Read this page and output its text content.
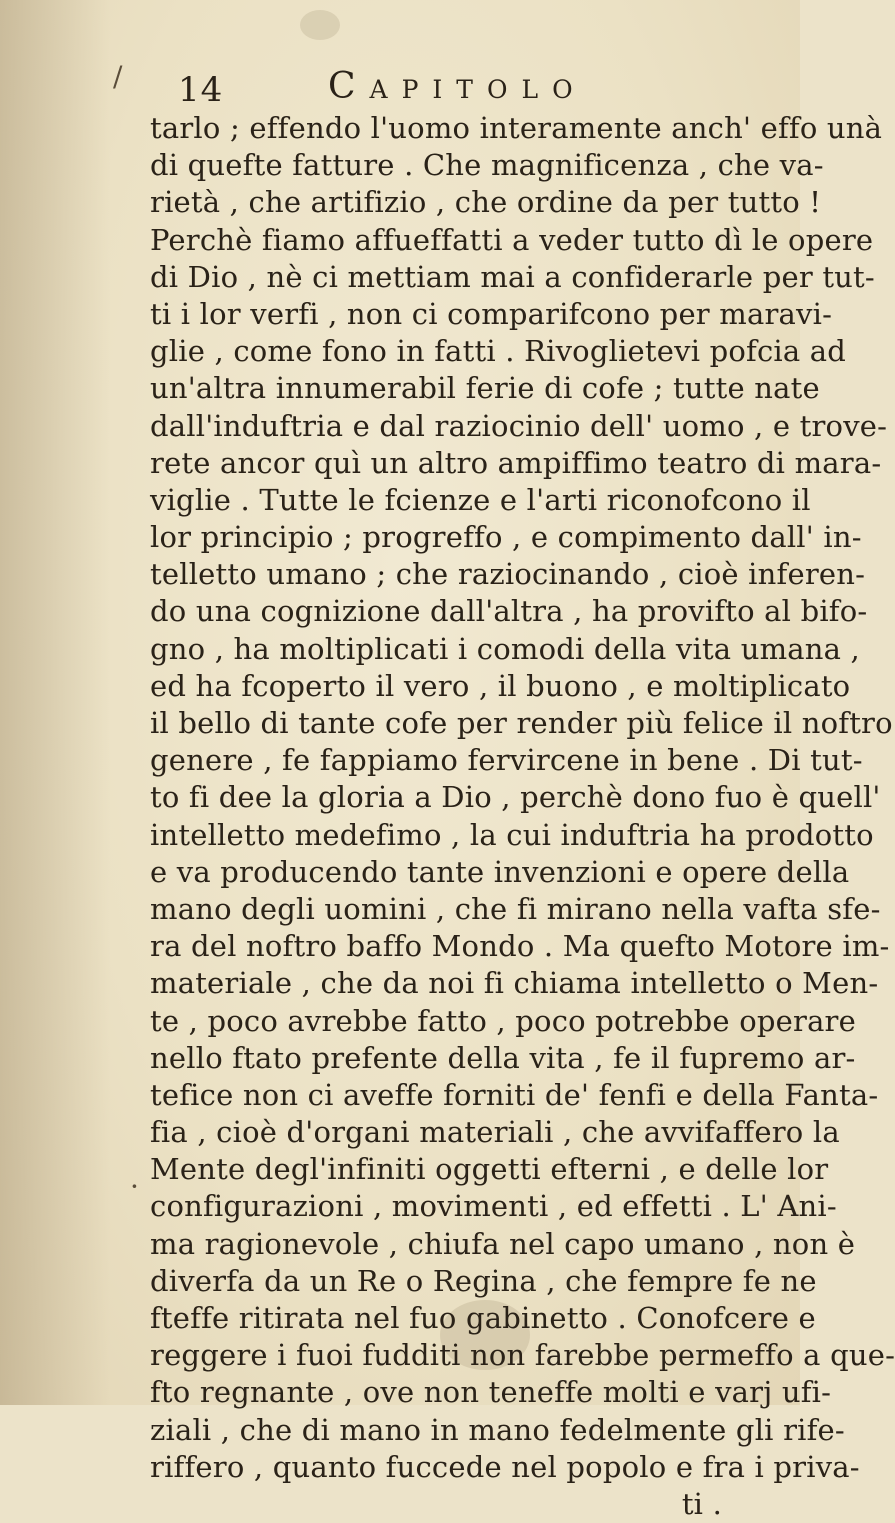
/
·
14	Capitolo
tarlo ; effendo l'uomo interamente anch' effo unà
di quefte fatture . Che magnificenza , che va-
rietà , che artifizio , che ordine da per tutto !
Perchè fiamo affueffatti a veder tutto dì le opere
di Dio , nè ci mettiam mai a confiderarle per tut-
ti i lor verfi , non ci comparifcono per maravi-
glie , come fono in fatti . Rivoglietevi pofcia ad
un'altra innumerabil ferie di cofe ; tutte nate
dall'induftria e dal raziocinio dell' uomo , e trove-
rete ancor quì un altro ampiffimo teatro di mara-
viglie . Tutte le fcienze e l'arti riconofcono il
lor principio ; progreffo , e compimento dall' in-
telletto umano ; che raziocinando , cioè inferen-
do una cognizione dall'altra , ha provifto al bifo-
gno , ha moltiplicati i comodi della vita umana ,
ed ha fcoperto il vero , il buono , e moltiplicato
il bello di tante cofe per render più felice il noftro
genere , fe fappiamo fervircene in bene . Di tut-
to fi dee la gloria a Dio , perchè dono fuo è quell'
intelletto medefimo , la cui induftria ha prodotto
e va producendo tante invenzioni e opere della
mano degli uomini , che fi mirano nella vafta sfe-
ra del noftro baffo Mondo . Ma quefto Motore im-
materiale , che da noi fi chiama intelletto o Men-
te , poco avrebbe fatto , poco potrebbe operare
nello ftato prefente della vita , fe il fupremo ar-
tefice non ci aveffe forniti de' fenfi e della Fanta-
fia , cioè d'organi materiali , che avvifaffero la
Mente degl'infiniti oggetti efterni , e delle lor
configurazioni , movimenti , ed effetti . L' Ani-
ma ragionevole , chiufa nel capo umano , non è
diverfa da un Re o Regina , che fempre fe ne
fteffe ritirata nel fuo gabinetto . Conofcere e
reggere i fuoi fudditi non farebbe permeffo a que-
fto regnante , ove non teneffe molti e varj ufi-
ziali , che di mano in mano fedelmente gli rife-
riffero , quanto fuccede nel popolo e fra i priva-
ti .
